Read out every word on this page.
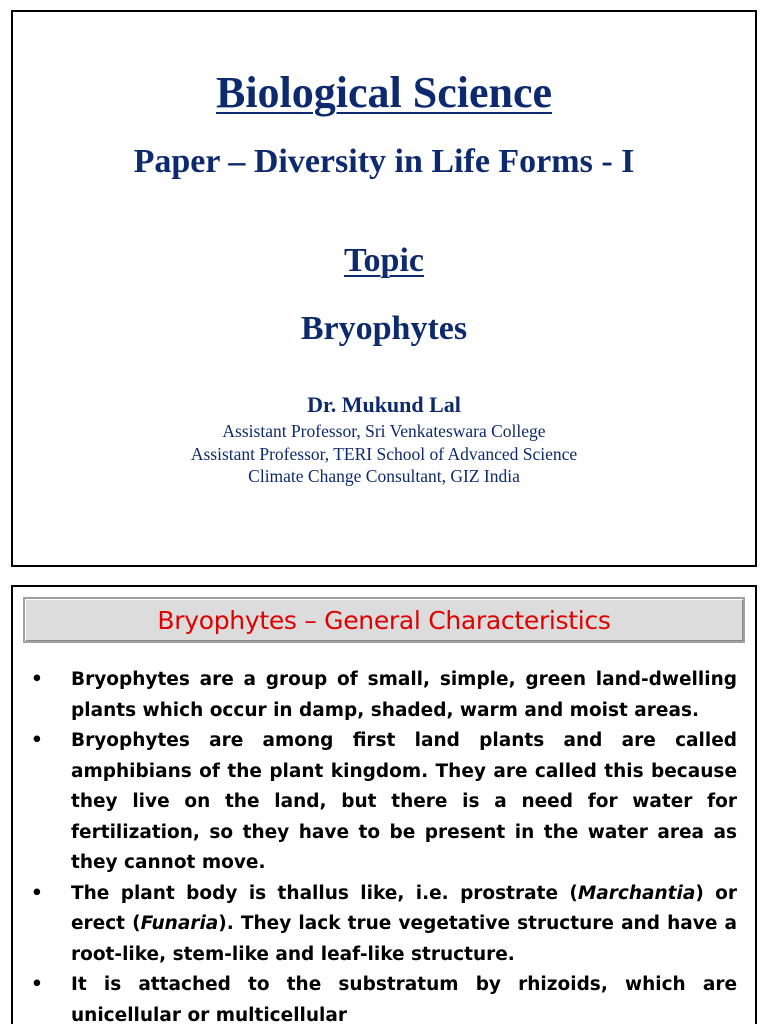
Biological Science
Paper – Diversity in Life Forms - I
Topic
Bryophytes
Dr. Mukund Lal
Assistant Professor, Sri Venkateswara College
Assistant Professor, TERI School of Advanced Science
Climate Change Consultant, GIZ India
Bryophytes – General Characteristics
• Bryophytes are a group of small, simple, green land-dwelling plants which occur in damp, shaded, warm and moist areas.
• Bryophytes are among first land plants and are called amphibians of the plant kingdom. They are called this because they live on the land, but there is a need for water for fertilization, so they have to be present in the water area as they cannot move.
• The plant body is thallus like, i.e. prostrate (Marchantia) or erect (Funaria). They lack true vegetative structure and have a root-like, stem-like and leaf-like structure.
• It is attached to the substratum by rhizoids, which are unicellular or multicellular
